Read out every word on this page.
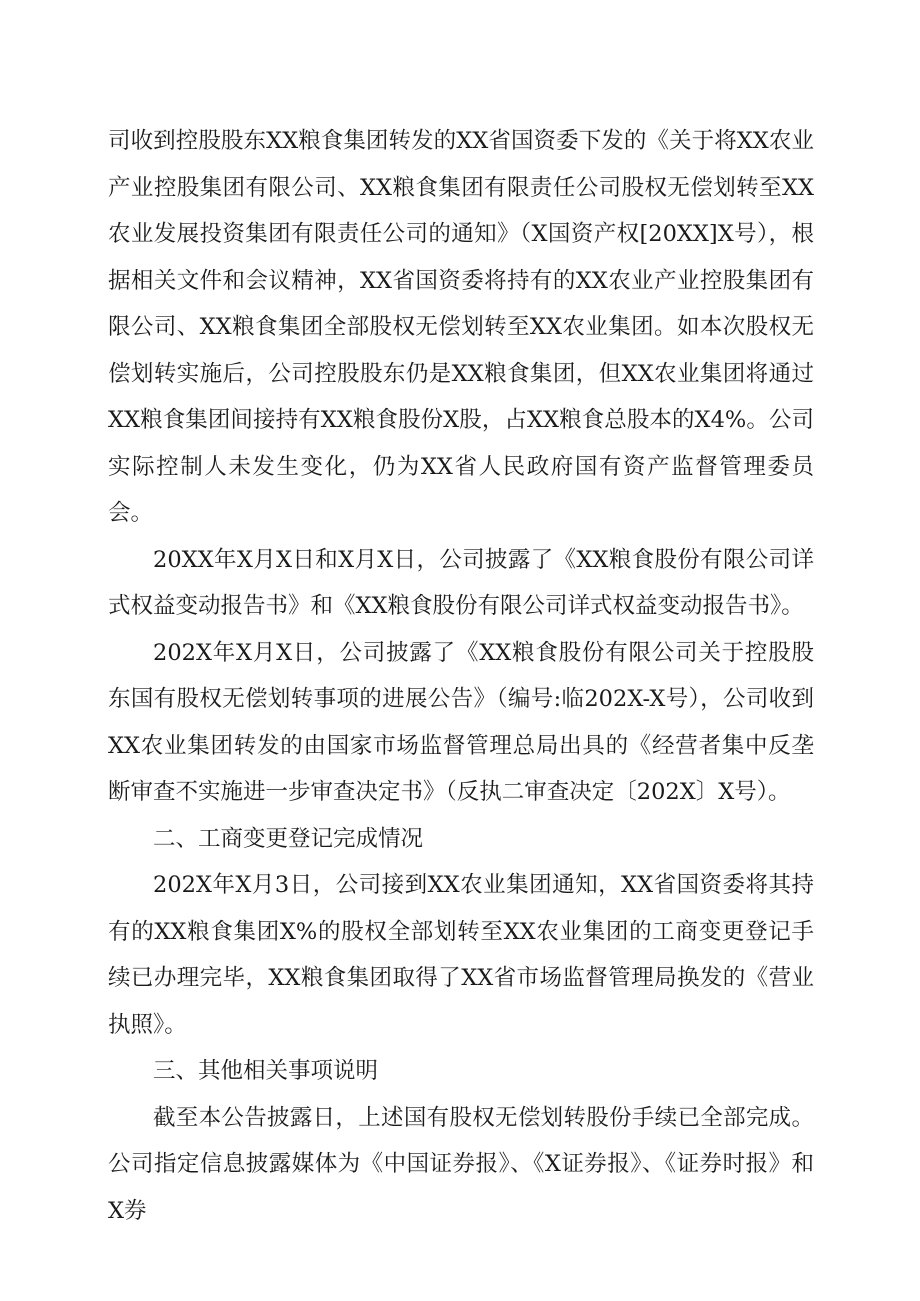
司收到控股股东XX粮食集团转发的XX省国资委下发的《关于将XX农业产业控股集团有限公司、XX粮食集团有限责任公司股权无偿划转至XX农业发展投资集团有限责任公司的通知》（X国资产权[20XX]X号），根据相关文件和会议精神，XX省国资委将持有的XX农业产业控股集团有限公司、XX粮食集团全部股权无偿划转至XX农业集团。如本次股权无偿划转实施后，公司控股股东仍是XX粮食集团，但XX农业集团将通过XX粮食集团间接持有XX粮食股份X股，占XX粮食总股本的X4%。公司实际控制人未发生变化，仍为XX省人民政府国有资产监督管理委员会。

20XX年X月X日和X月X日，公司披露了《XX粮食股份有限公司详式权益变动报告书》和《XX粮食股份有限公司详式权益变动报告书》。

202X年X月X日，公司披露了《XX粮食股份有限公司关于控股股东国有股权无偿划转事项的进展公告》（编号:临202X-X号），公司收到XX农业集团转发的由国家市场监督管理总局出具的《经营者集中反垄断审查不实施进一步审查决定书》（反执二审查决定〔202X〕X号）。

二、工商变更登记完成情况

202X年X月3日，公司接到XX农业集团通知，XX省国资委将其持有的XX粮食集团X%的股权全部划转至XX农业集团的工商变更登记手续已办理完毕，XX粮食集团取得了XX省市场监督管理局换发的《营业执照》。

三、其他相关事项说明

截至本公告披露日，上述国有股权无偿划转股份手续已全部完成。公司指定信息披露媒体为《中国证券报》、《X证券报》、《证券时报》和X券
